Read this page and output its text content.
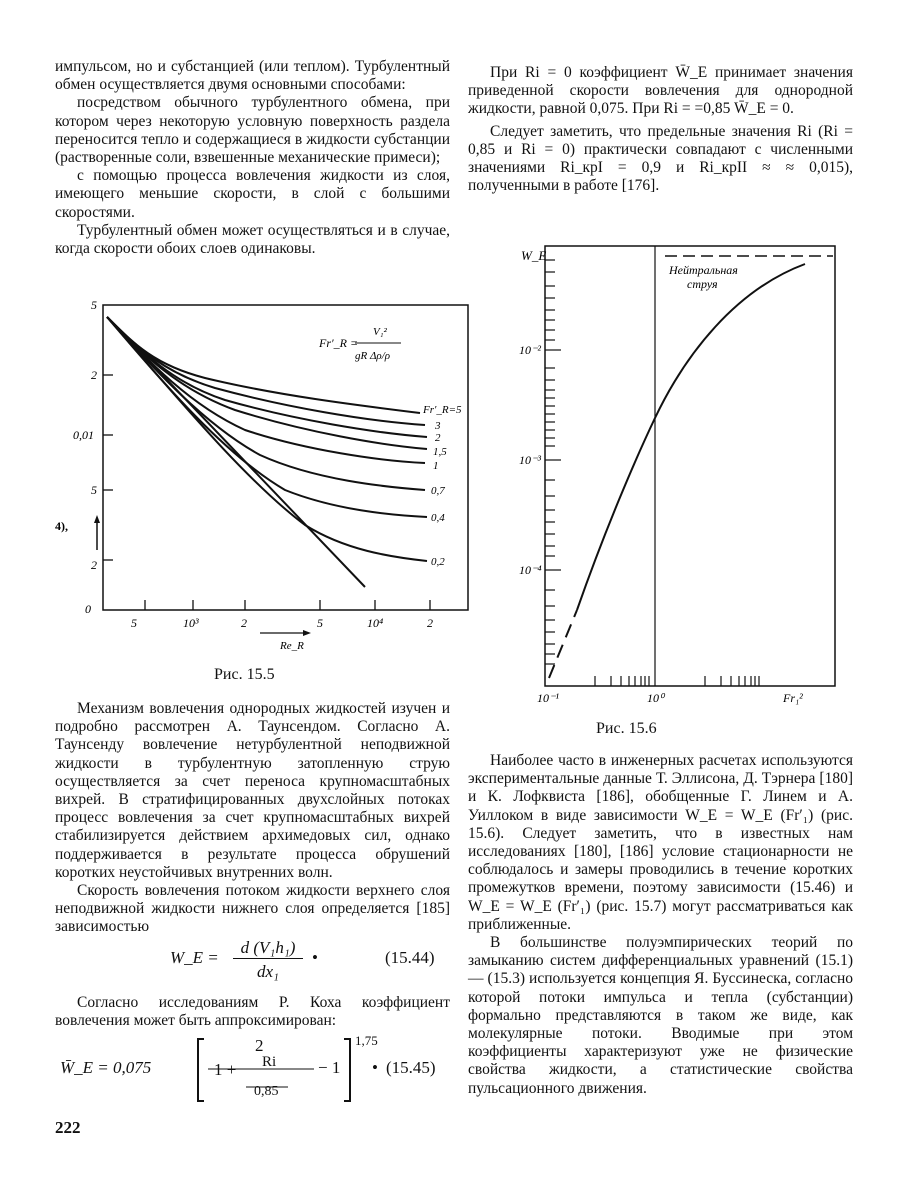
импульсом, но и субстанцией (или теплом). Турбулентный обмен осуществляется двумя основными способами:

посредством обычного турбулентного обмена, при котором через некоторую условную поверхность раздела переносится тепло и содержащиеся в жидкости субстанции (растворенные соли, взвешенные механические примеси);

с помощью процесса вовлечения жидкости из слоя, имеющего меньшие скорости, в слой с большими скоростями.

Турбулентный обмен может осуществляться и в случае, когда скорости обоих слоев одинаковы.

5
2
0,01
5
2
0
4),
5	10³	2	5	10⁴	2
Re_R
Fr′_R =
V₁²
gR Δρ/ρ
Fr′_R=5
3
2
1,5
1
0,7
0,4
0,2
Рис. 15.5

Механизм вовлечения однородных жидкостей изучен и подробно рассмотрен А. Таунсендом. Согласно А. Таунсенду вовлечение нетурбулентной неподвижной жидкости в турбулентную затопленную струю осуществляется за счет переноса крупномасштабных вихрей. В стратифицированных двухслойных потоках процесс вовлечения за счет крупномасштабных вихрей стабилизируется действием архимедовых сил, однако поддерживается в результате процесса обрушений коротких неустойчивых внутренних волн.

Скорость вовлечения потоком жидкости верхнего слоя неподвижной жидкости нижнего слоя определяется [185] зависимостью

W_E =
d (V₁h₁)
dx₁
•	(15.44)

Согласно исследованиям Р. Коха коэффициент вовлечения может быть аппроксимирован:

W̄_E = 0,075
2
1 + Ri
0,85
− 1
1,75
• (15.45)
222

При Ri = 0 коэффициент W̄_E принимает значения приведенной скорости вовлечения для однородной жидкости, равной 0,075. При Ri = =0,85 W̄_E = 0.

Следует заметить, что предельные значения Ri (Ri = 0,85 и Ri = 0) практически совпадают с численными значениями Ri_крI = 0,9 и Ri_крII ≈ ≈ 0,015), полученными в работе [176].

W_E
10⁻²
10⁻³
10⁻⁴
10⁻¹	10⁰	Fr₁²
Нейтральная
струя
Рис. 15.6

Наиболее часто в инженерных расчетах используются экспериментальные данные Т. Эллисона, Д. Тэрнера [180] и К. Лофквиста [186], обобщенные Г. Линем и А. Уиллоком в виде зависимости W_E = W_E (Fr′₁) (рис. 15.6). Следует заметить, что в известных нам исследованиях [180], [186] условие стационарности не соблюдалось и замеры проводились в течение коротких промежутков времени, поэтому зависимости (15.46) и W_E = W_E (Fr′₁) (рис. 15.7) могут рассматриваться как приближенные.

В большинстве полуэмпирических теорий по замыканию систем дифференциальных уравнений (15.1) — (15.3) используется концепция Я. Буссинеска, согласно которой потоки импульса и тепла (субстанции) формально представляются в таком же виде, как молекулярные потоки. Вводимые при этом коэффициенты характеризуют уже не физические свойства жидкости, а статистические свойства пульсационного движения.
